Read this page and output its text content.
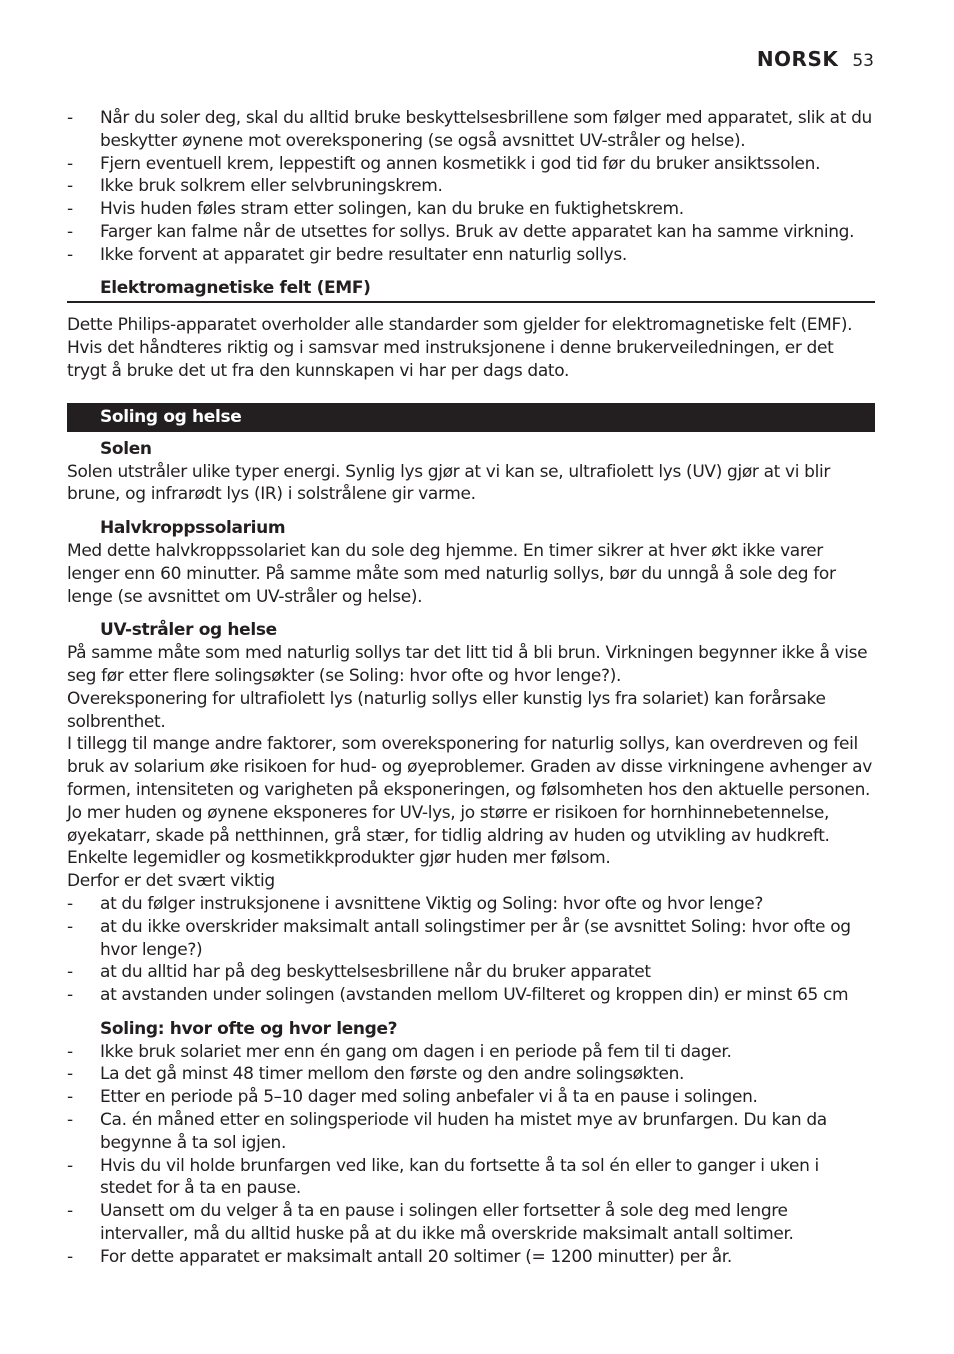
NORSK 53
- Når du soler deg, skal du alltid bruke beskyttelsesbrillene som følger med apparatet, slik at du beskytter øynene mot overeksponering (se også avsnittet UV-stråler og helse).
- Fjern eventuell krem, leppestift og annen kosmetikk i god tid før du bruker ansiktssolen.
- Ikke bruk solkrem eller selvbruningskrem.
- Hvis huden føles stram etter solingen, kan du bruke en fuktighetskrem.
- Farger kan falme når de utsettes for sollys. Bruk av dette apparatet kan ha samme virkning.
- Ikke forvent at apparatet gir bedre resultater enn naturlig sollys.

Elektromagnetiske felt (EMF)

Dette Philips-apparatet overholder alle standarder som gjelder for elektromagnetiske felt (EMF). Hvis det håndteres riktig og i samsvar med instruksjonene i denne brukerveiledningen, er det trygt å bruke det ut fra den kunnskapen vi har per dags dato.

Soling og helse

Solen

Solen utstråler ulike typer energi. Synlig lys gjør at vi kan se, ultrafiolett lys (UV) gjør at vi blir brune, og infrarødt lys (IR) i solstrålene gir varme.

Halvkroppssolarium

Med dette halvkroppssolariet kan du sole deg hjemme. En timer sikrer at hver økt ikke varer lenger enn 60 minutter. På samme måte som med naturlig sollys, bør du unngå å sole deg for lenge (se avsnittet om UV-stråler og helse).

UV-stråler og helse

På samme måte som med naturlig sollys tar det litt tid å bli brun. Virkningen begynner ikke å vise seg før etter flere solingsøkter (se Soling: hvor ofte og hvor lenge?).

Overeksponering for ultrafiolett lys (naturlig sollys eller kunstig lys fra solariet) kan forårsake solbrenthet.

I tillegg til mange andre faktorer, som overeksponering for naturlig sollys, kan overdreven og feil bruk av solarium øke risikoen for hud- og øyeproblemer. Graden av disse virkningene avhenger av formen, intensiteten og varigheten på eksponeringen, og følsomheten hos den aktuelle personen.

Jo mer huden og øynene eksponeres for UV-lys, jo større er risikoen for hornhinnebetennelse, øyekatarr, skade på netthinnen, grå stær, for tidlig aldring av huden og utvikling av hudkreft. Enkelte legemidler og kosmetikkprodukter gjør huden mer følsom.

Derfor er det svært viktig

- at du følger instruksjonene i avsnittene Viktig og Soling: hvor ofte og hvor lenge?
- at du ikke overskrider maksimalt antall solingstimer per år (se avsnittet Soling: hvor ofte og hvor lenge?)
- at du alltid har på deg beskyttelsesbrillene når du bruker apparatet
- at avstanden under solingen (avstanden mellom UV-filteret og kroppen din) er minst 65 cm

Soling: hvor ofte og hvor lenge?

- Ikke bruk solariet mer enn én gang om dagen i en periode på fem til ti dager.
- La det gå minst 48 timer mellom den første og den andre solingsøkten.
- Etter en periode på 5–10 dager med soling anbefaler vi å ta en pause i solingen.
- Ca. én måned etter en solingsperiode vil huden ha mistet mye av brunfargen. Du kan da begynne å ta sol igjen.
- Hvis du vil holde brunfargen ved like, kan du fortsette å ta sol én eller to ganger i uken i stedet for å ta en pause.
- Uansett om du velger å ta en pause i solingen eller fortsetter å sole deg med lengre intervaller, må du alltid huske på at du ikke må overskride maksimalt antall soltimer.
- For dette apparatet er maksimalt antall 20 soltimer (= 1200 minutter) per år.
